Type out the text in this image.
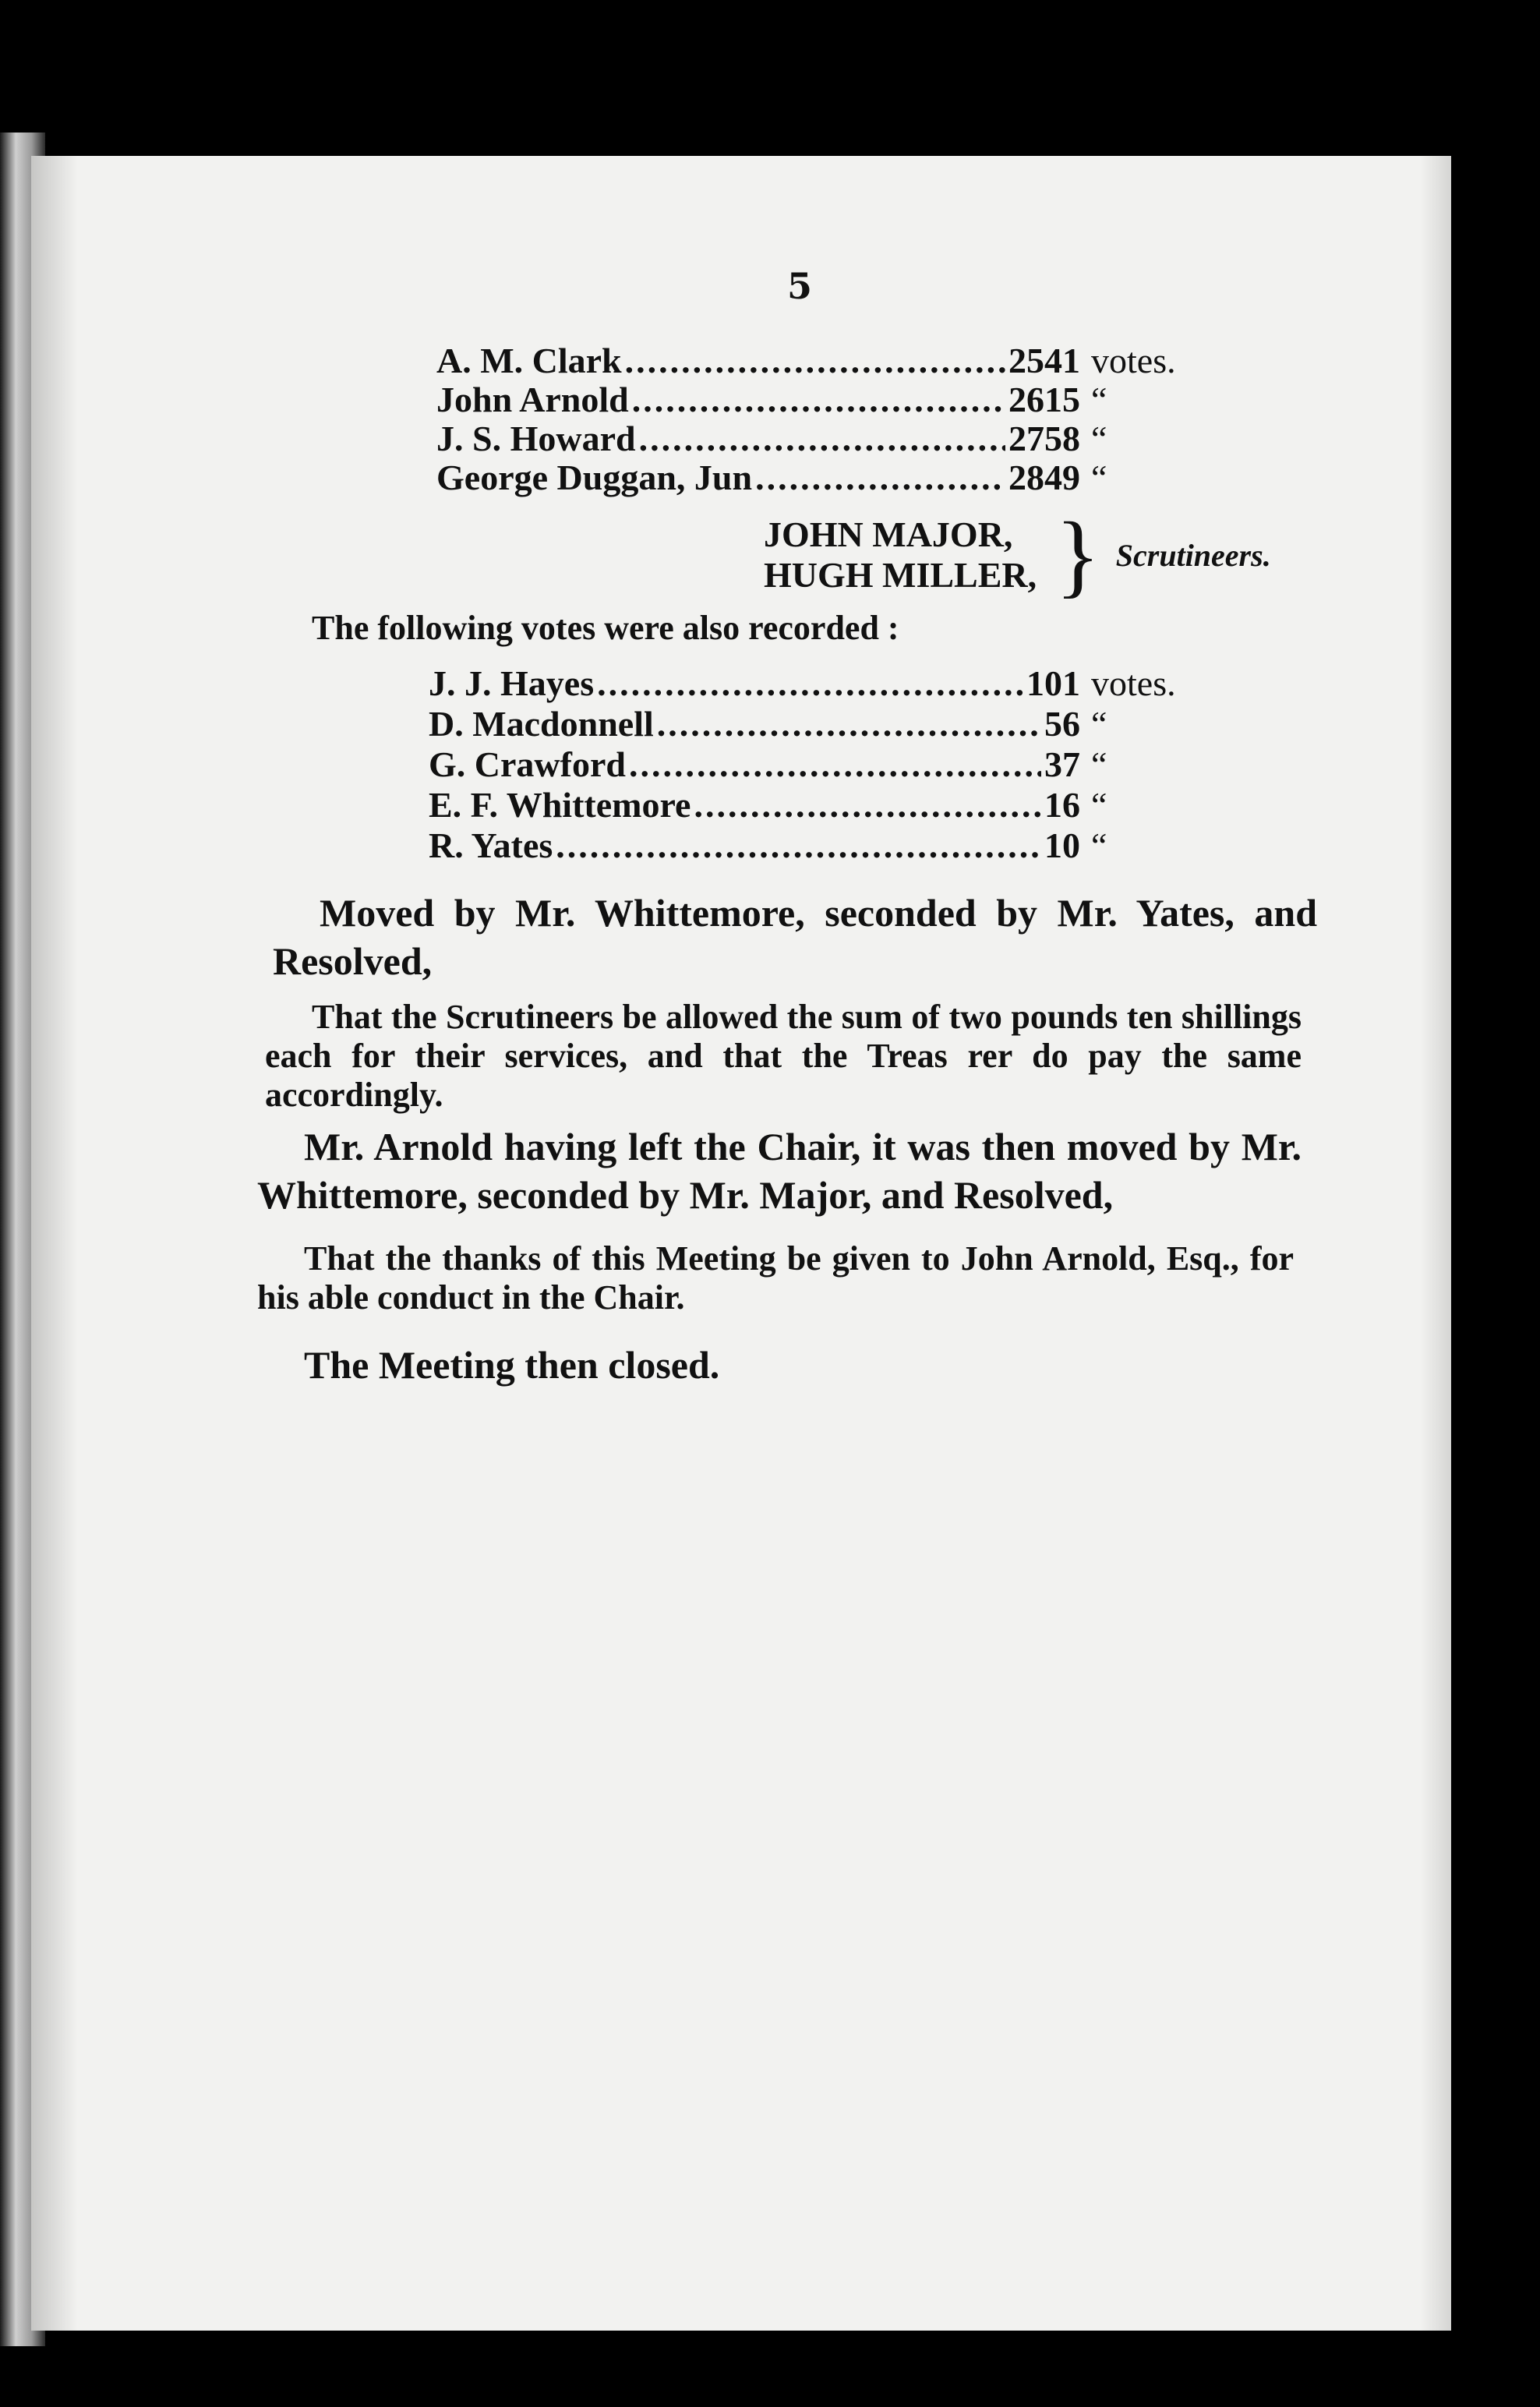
5
A. M. Clark .....	2541 votes.
John Arnold .....	2615 “
J. S. Howard .....	2758 “
George Duggan, Jun .....	2849 “
JOHN MAJOR,
HUGH MILLER, } Scrutineers.
The following votes were also recorded :
J. J. Hayes .....	101 votes.
D. Macdonnell .....	56 “
G. Crawford .....	37 “
E. F. Whittemore .....	16 “
R. Yates .....	10 “
Moved by Mr. Whittemore, seconded by Mr. Yates, and Resolved,
That the Scrutineers be allowed the sum of two pounds ten shillings each for their services, and that the Treas rer do pay the same accordingly.
Mr. Arnold having left the Chair, it was then moved by Mr. Whittemore, seconded by Mr. Major, and Resolved,
That the thanks of this Meeting be given to John Arnold, Esq., for his able conduct in the Chair.
The Meeting then closed.
